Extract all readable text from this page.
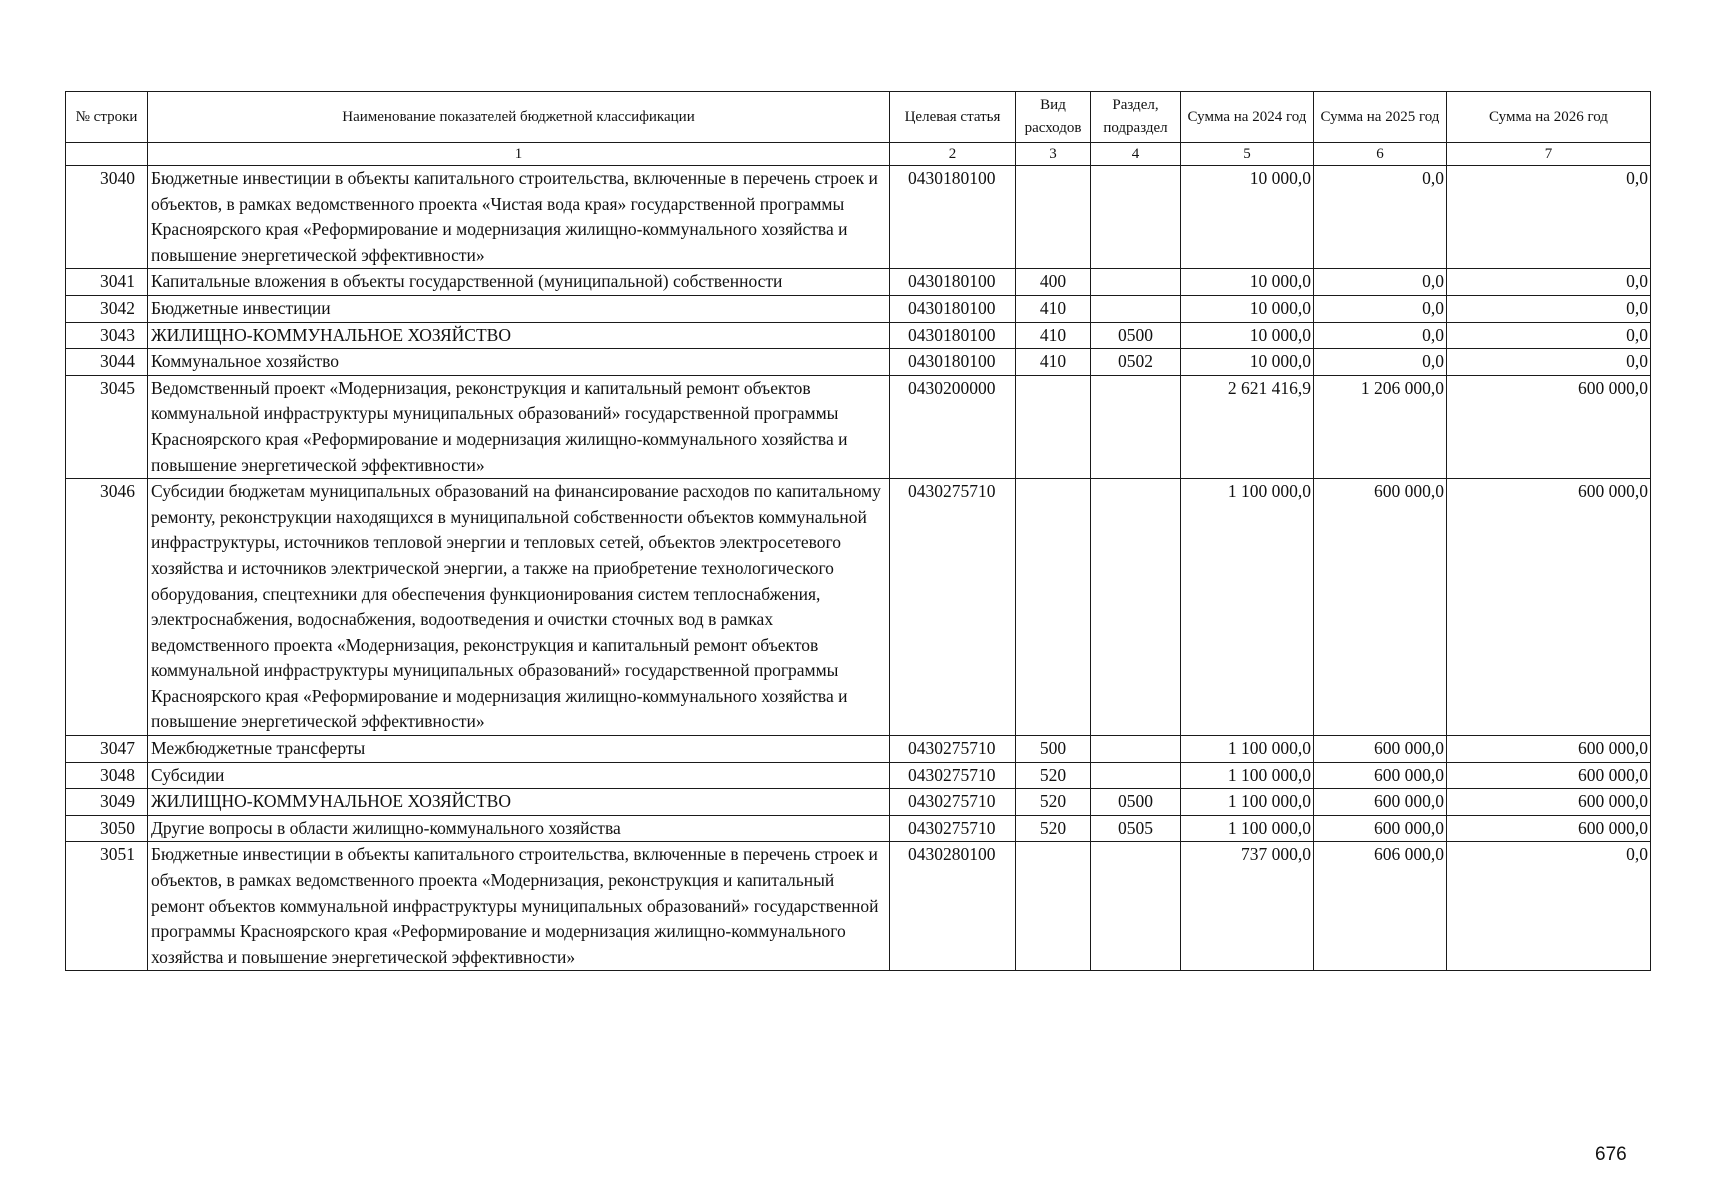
№ строки	Наименование показателей бюджетной классификации	Целевая статья	Вид расходов	Раздел, подраздел	Сумма на 2024 год	Сумма на 2025 год	Сумма на 2026 год
	1	2	3	4	5	6	7
3040	Бюджетные инвестиции в объекты капитального строительства, включенные в перечень строек и объектов, в рамках ведомственного проекта «Чистая вода края» государственной программы Красноярского края «Реформирование и модернизация жилищно-коммунального хозяйства и повышение энергетической эффективности»	0430180100			10 000,0	0,0	0,0
3041	Капитальные вложения в объекты государственной (муниципальной) собственности	0430180100	400		10 000,0	0,0	0,0
3042	Бюджетные инвестиции	0430180100	410		10 000,0	0,0	0,0
3043	ЖИЛИЩНО-КОММУНАЛЬНОЕ ХОЗЯЙСТВО	0430180100	410	0500	10 000,0	0,0	0,0
3044	Коммунальное хозяйство	0430180100	410	0502	10 000,0	0,0	0,0
3045	Ведомственный проект «Модернизация, реконструкция и капитальный ремонт объектов коммунальной инфраструктуры муниципальных образований» государственной программы Красноярского края «Реформирование и модернизация жилищно-коммунального хозяйства и повышение энергетической эффективности»	0430200000			2 621 416,9	1 206 000,0	600 000,0
3046	Субсидии бюджетам муниципальных образований на финансирование расходов по капитальному ремонту, реконструкции находящихся в муниципальной собственности объектов коммунальной инфраструктуры, источников тепловой энергии и тепловых сетей, объектов электросетевого хозяйства и источников электрической энергии, а также на приобретение технологического оборудования, спецтехники для обеспечения функционирования систем теплоснабжения, электроснабжения, водоснабжения, водоотведения и очистки сточных вод в рамках ведомственного проекта «Модернизация, реконструкция и капитальный ремонт объектов коммунальной инфраструктуры муниципальных образований» государственной программы Красноярского края «Реформирование и модернизация жилищно-коммунального хозяйства и повышение энергетической эффективности»	0430275710			1 100 000,0	600 000,0	600 000,0
3047	Межбюджетные трансферты	0430275710	500		1 100 000,0	600 000,0	600 000,0
3048	Субсидии	0430275710	520		1 100 000,0	600 000,0	600 000,0
3049	ЖИЛИЩНО-КОММУНАЛЬНОЕ ХОЗЯЙСТВО	0430275710	520	0500	1 100 000,0	600 000,0	600 000,0
3050	Другие вопросы в области жилищно-коммунального хозяйства	0430275710	520	0505	1 100 000,0	600 000,0	600 000,0
3051	Бюджетные инвестиции в объекты капитального строительства, включенные в перечень строек и объектов, в рамках ведомственного проекта «Модернизация, реконструкция и капитальный ремонт объектов коммунальной инфраструктуры муниципальных образований» государственной программы Красноярского края «Реформирование и модернизация жилищно-коммунального хозяйства и повышение энергетической эффективности»	0430280100			737 000,0	606 000,0	0,0
676
